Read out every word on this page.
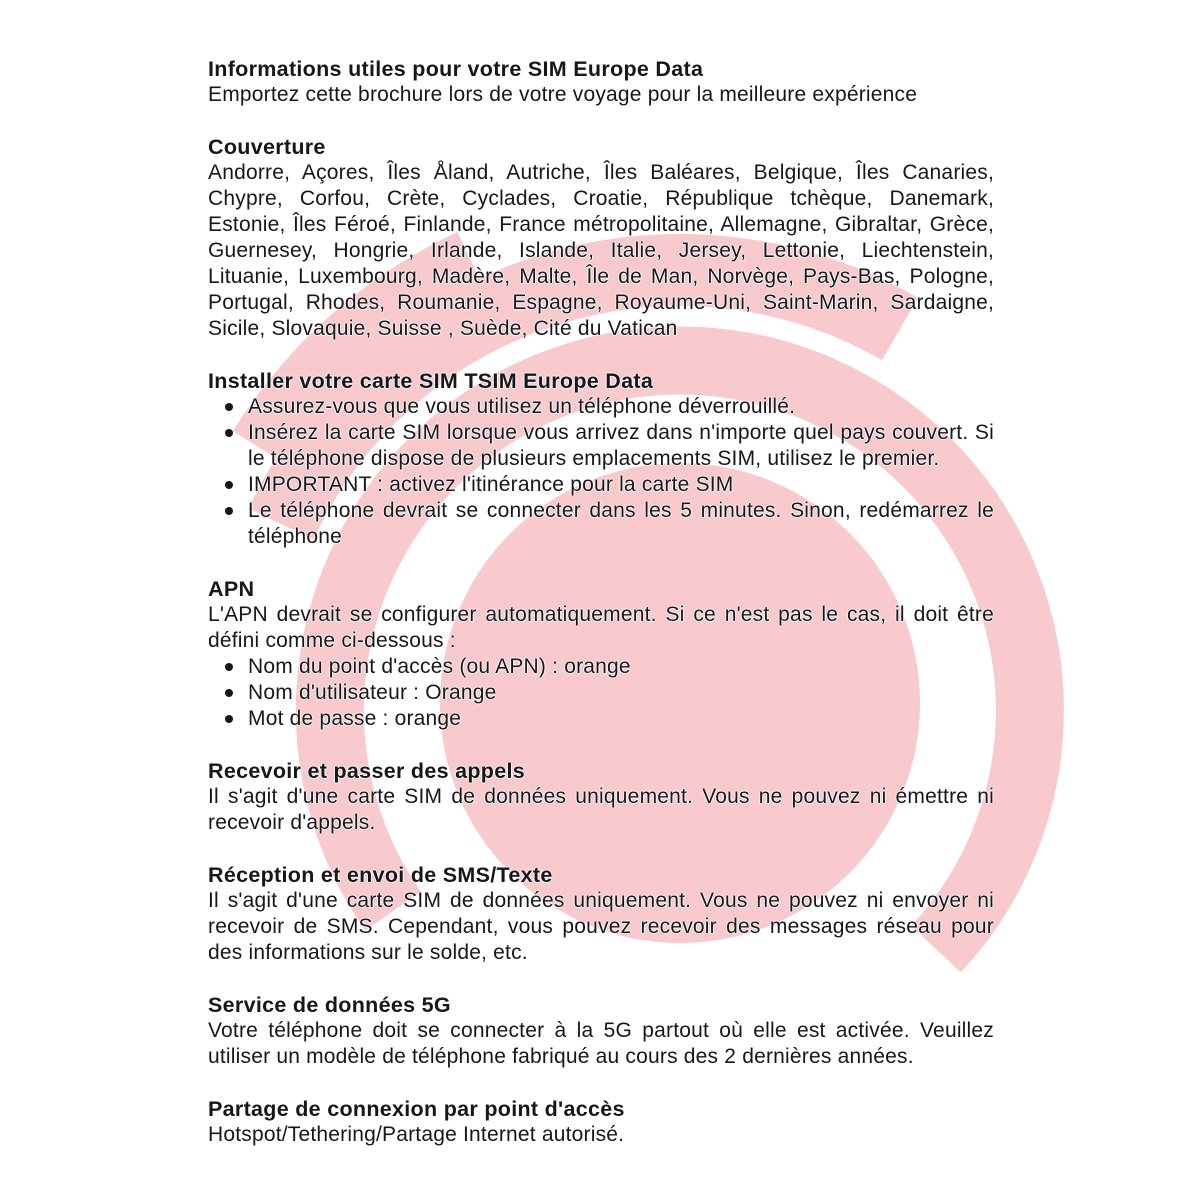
Informations utiles pour votre SIM Europe Data

Emportez cette brochure lors de votre voyage pour la meilleure expérience

Couverture

Andorre, Açores, Îles Åland, Autriche, Îles Baléares, Belgique, Îles Canaries, Chypre, Corfou, Crète, Cyclades, Croatie, République tchèque, Danemark, Estonie, Îles Féroé, Finlande, France métropolitaine, Allemagne, Gibraltar, Grèce, Guernesey, Hongrie, Irlande, Islande, Italie, Jersey, Lettonie, Liechtenstein, Lituanie, Luxembourg, Madère, Malte, Île de Man, Norvège, Pays-Bas, Pologne, Portugal, Rhodes, Roumanie, Espagne, Royaume-Uni, Saint-Marin, Sardaigne, Sicile, Slovaquie, Suisse , Suède, Cité du Vatican

Installer votre carte SIM TSIM Europe Data
Assurez-vous que vous utilisez un téléphone déverrouillé.
Insérez la carte SIM lorsque vous arrivez dans n'importe quel pays couvert. Si le téléphone dispose de plusieurs emplacements SIM, utilisez le premier.
IMPORTANT : activez l'itinérance pour la carte SIM
Le téléphone devrait se connecter dans les 5 minutes. Sinon, redémarrez le téléphone
APN

L'APN devrait se configurer automatiquement. Si ce n'est pas le cas, il doit être défini comme ci-dessous :

Nom du point d'accès (ou APN) : orange
Nom d'utilisateur : Orange
Mot de passe : orange
Recevoir et passer des appels

Il s'agit d'une carte SIM de données uniquement. Vous ne pouvez ni émettre ni recevoir d'appels.

Réception et envoi de SMS/Texte

Il s'agit d'une carte SIM de données uniquement. Vous ne pouvez ni envoyer ni recevoir de SMS. Cependant, vous pouvez recevoir des messages réseau pour des informations sur le solde, etc.

Service de données 5G

Votre téléphone doit se connecter à la 5G partout où elle est activée. Veuillez utiliser un modèle de téléphone fabriqué au cours des 2 dernières années.

Partage de connexion par point d'accès

Hotspot/Tethering/Partage Internet autorisé.
